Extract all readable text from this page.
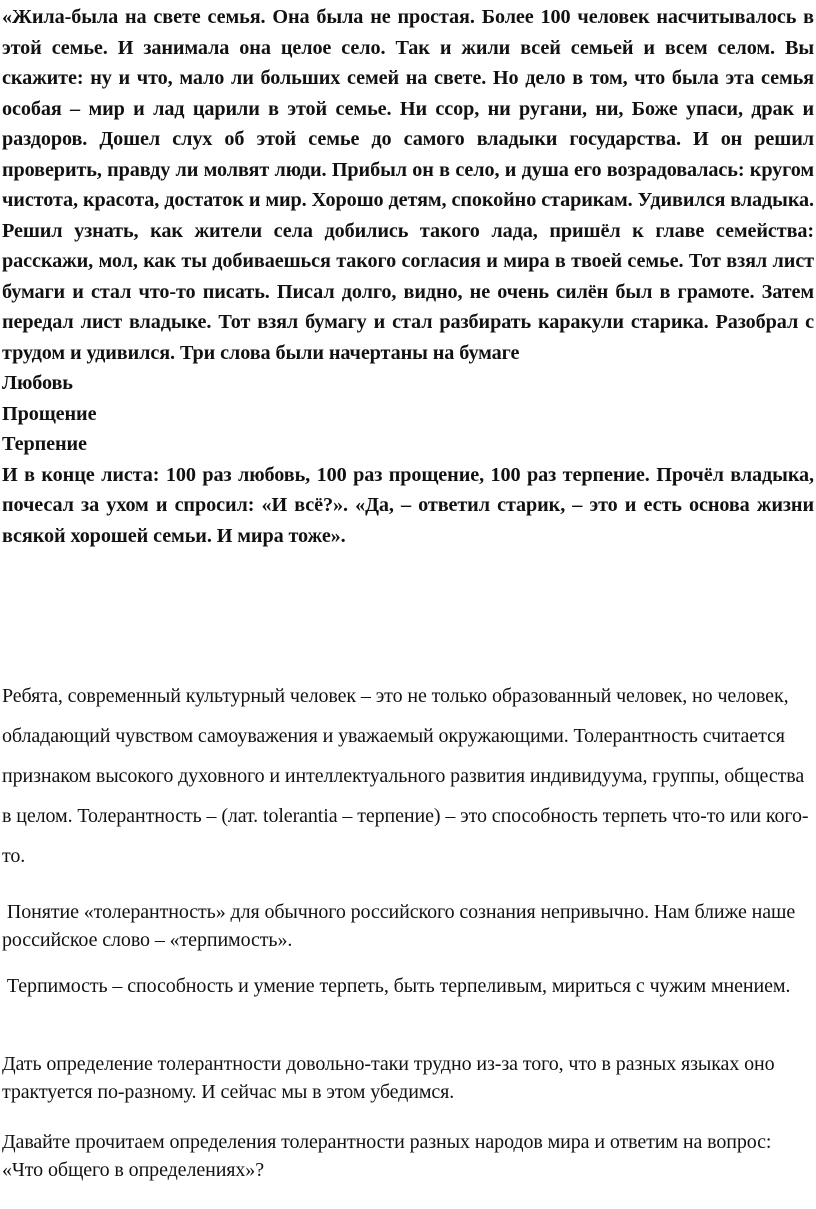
«Жила-была на свете семья. Она была не простая. Более 100 человек насчитывалось в этой семье. И занимала она целое село. Так и жили всей семьей и всем селом. Вы скажите: ну и что, мало ли больших семей на свете. Но дело в том, что была эта семья особая – мир и лад царили в этой семье. Ни ссор, ни ругани, ни, Боже упаси, драк и раздоров. Дошел слух об этой семье до самого владыки государства. И он решил проверить, правду ли молвят люди. Прибыл он в село, и душа его возрадовалась: кругом чистота, красота, достаток и мир. Хорошо детям, спокойно старикам. Удивился владыка. Решил узнать, как жители села добились такого лада, пришёл к главе семейства: расскажи, мол, как ты добиваешься такого согласия и мира в твоей семье. Тот взял лист бумаги и стал что-то писать. Писал долго, видно, не очень силён был в грамоте. Затем передал лист владыке. Тот взял бумагу и стал разбирать каракули старика. Разобрал с трудом и удивился. Три слова были начертаны на бумаге

Любовь

Прощение

Терпение

И в конце листа: 100 раз любовь, 100 раз прощение, 100 раз терпение. Прочёл владыка, почесал за ухом и спросил: «И всё?». «Да, – ответил старик, – это и есть основа жизни всякой хорошей семьи. И мира тоже».

Ребята, современный культурный человек – это не только образованный человек, но человек, обладающий чувством самоуважения и уважаемый окружающими. Толерантность считается признаком высокого духовного и интеллектуального развития индивидуума, группы, общества в целом. Толерантность – (лат. tolerantia – терпение) – это способность терпеть что-то или кого-то.

Понятие «толерантность» для обычного российского сознания непривычно. Нам ближе наше российское слово – «терпимость».

Терпимость – способность и умение терпеть, быть терпеливым, мириться с чужим мнением.

Дать определение толерантности довольно-таки трудно из-за того, что в разных языках оно трактуется по-разному. И сейчас мы в этом убедимся.

Давайте прочитаем определения толерантности разных народов мира и ответим на вопрос: «Что общего в определениях»?
